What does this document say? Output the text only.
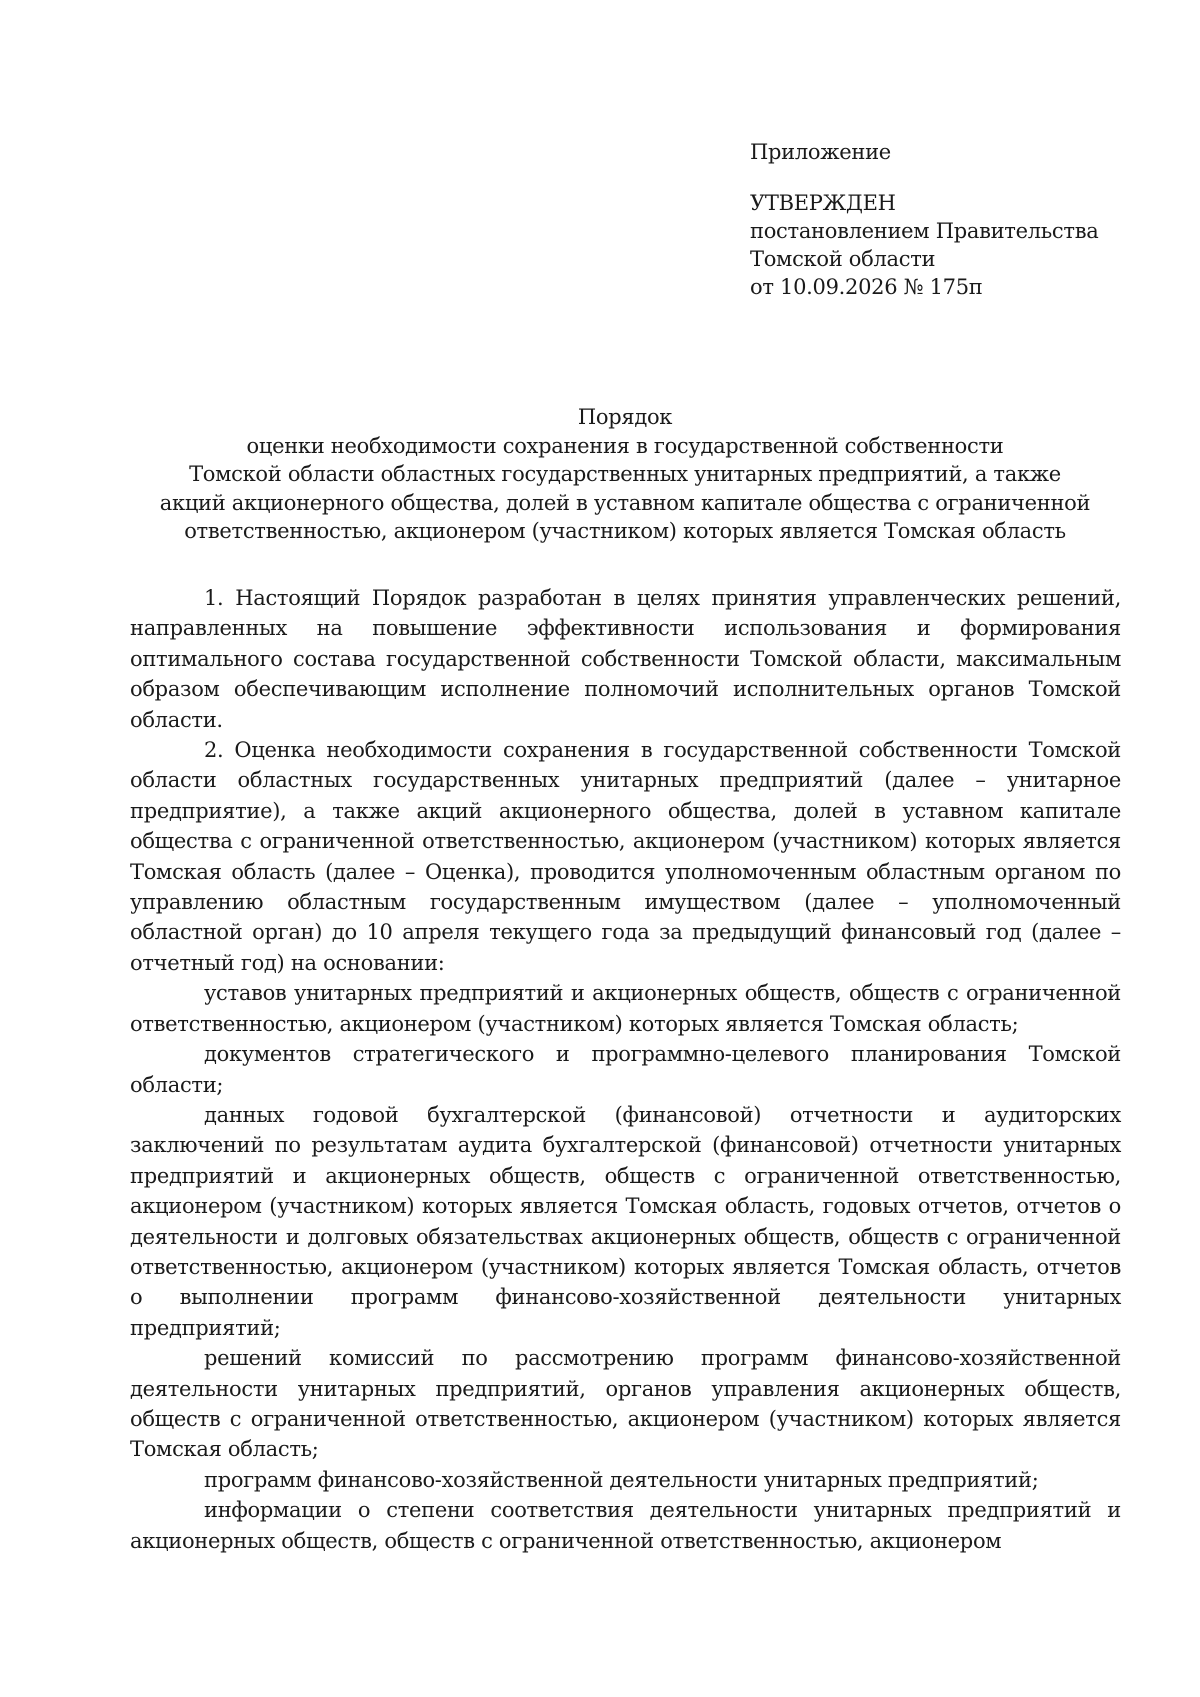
Приложение
УТВЕРЖДЕН
постановлением Правительства
Томской области
от 10.09.2026 № 175п
Порядок
оценки необходимости сохранения в государственной собственности
Томской области областных государственных унитарных предприятий, а также
акций акционерного общества, долей в уставном капитале общества с ограниченной
ответственностью, акционером (участником) которых является Томская область

1. Настоящий Порядок разработан в целях принятия управленческих решений, направленных на повышение эффективности использования и формирования оптимального состава государственной собственности Томской области, максимальным образом обеспечивающим исполнение полномочий исполнительных органов Томской области.

2. Оценка необходимости сохранения в государственной собственности Томской области областных государственных унитарных предприятий (далее – унитарное предприятие), а также акций акционерного общества, долей в уставном капитале общества с ограниченной ответственностью, акционером (участником) которых является Томская область (далее – Оценка), проводится уполномоченным областным органом по управлению областным государственным имуществом (далее – уполномоченный областной орган) до 10 апреля текущего года за предыдущий финансовый год (далее – отчетный год) на основании:

уставов унитарных предприятий и акционерных обществ, обществ с ограниченной ответственностью, акционером (участником) которых является Томская область;

документов стратегического и программно-целевого планирования Томской области;

данных годовой бухгалтерской (финансовой) отчетности и аудиторских заключений по результатам аудита бухгалтерской (финансовой) отчетности унитарных предприятий и акционерных обществ, обществ с ограниченной ответственностью, акционером (участником) которых является Томская область, годовых отчетов, отчетов о деятельности и долговых обязательствах акционерных обществ, обществ с ограниченной ответственностью, акционером (участником) которых является Томская область, отчетов о выполнении программ финансово-хозяйственной деятельности унитарных предприятий;

решений комиссий по рассмотрению программ финансово-хозяйственной деятельности унитарных предприятий, органов управления акционерных обществ, обществ с ограниченной ответственностью, акционером (участником) которых является Томская область;

программ финансово-хозяйственной деятельности унитарных предприятий;

информации о степени соответствия деятельности унитарных предприятий и акционерных обществ, обществ с ограниченной ответственностью, акционером
